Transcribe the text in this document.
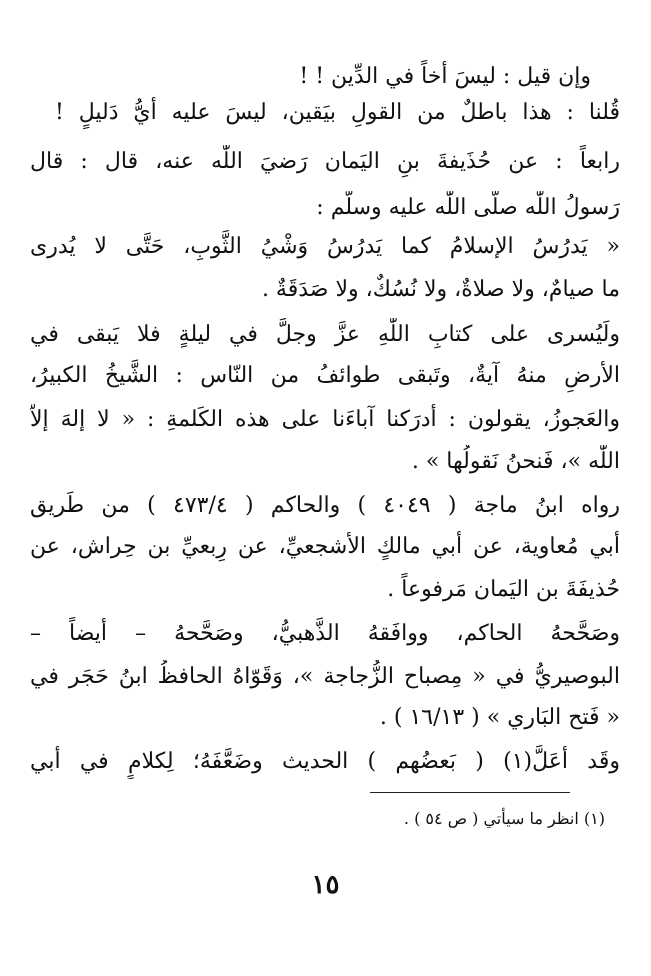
وإن قيل : ليسَ أخاً في الدِّين ! !
قُلنا : هذا باطلٌ من القولِ بيَقين، ليسَ عليه أيُّ دَليلٍ !
رابعاً : عن حُذَيفةَ بنِ اليَمان رَضيَ اللّٰه عنه، قال : قال
رَسولُ اللّٰه صلّى اللّٰه عليه وسلّم :
« يَدرُسُ الإسلامُ كما يَدرُسُ وَشْيُ الثَّوبِ، حَتَّى لا يُدرى
ما صيامٌ، ولا صلاةٌ، ولا نُسُكٌ، ولا صَدَقَةٌ .
ولَيُسرى على كتابِ اللّٰهِ عزَّ وجلَّ في ليلةٍ فلا يَبقى في
الأرضِ منهُ آيةٌ، وتَبقى طوائفُ من النّاس : الشَّيخُ الكبيرُ،
والعَجوزُ، يقولون : أدرَكنا آباءَنا على هذه الكَلمةِ : « لا إلهَ إلاّ
اللّٰه »، فَنحنُ نَقولُها » .
رواه ابنُ ماجة ( ٤٠٤٩ ) والحاكم ( ٤٧٣/٤ ) من طَريق
أبي مُعاوية، عن أبي مالكٍ الأشجعيِّ، عن رِبعيِّ بن حِراش، عن
حُذيفَةَ بن اليَمان مَرفوعاً .
وصَحَّحهُ الحاكم، ووافَقهُ الذَّهبيُّ، وصَحَّحهُ – أيضاً –
البوصيريُّ في « مِصباح الزُّجاجة »، وَقَوّاهُ الحافظُ ابنُ حَجَر في
« فَتح البَاري » ( ١٦/١٣ ) .
وقَد أعَلَّ(١) ( بَعضُهم ) الحديث وضَعَّفَهُ؛ لِكلامٍ في أبي
(١) انظر ما سيأتي ( ص ٥٤ ) .
١٥
